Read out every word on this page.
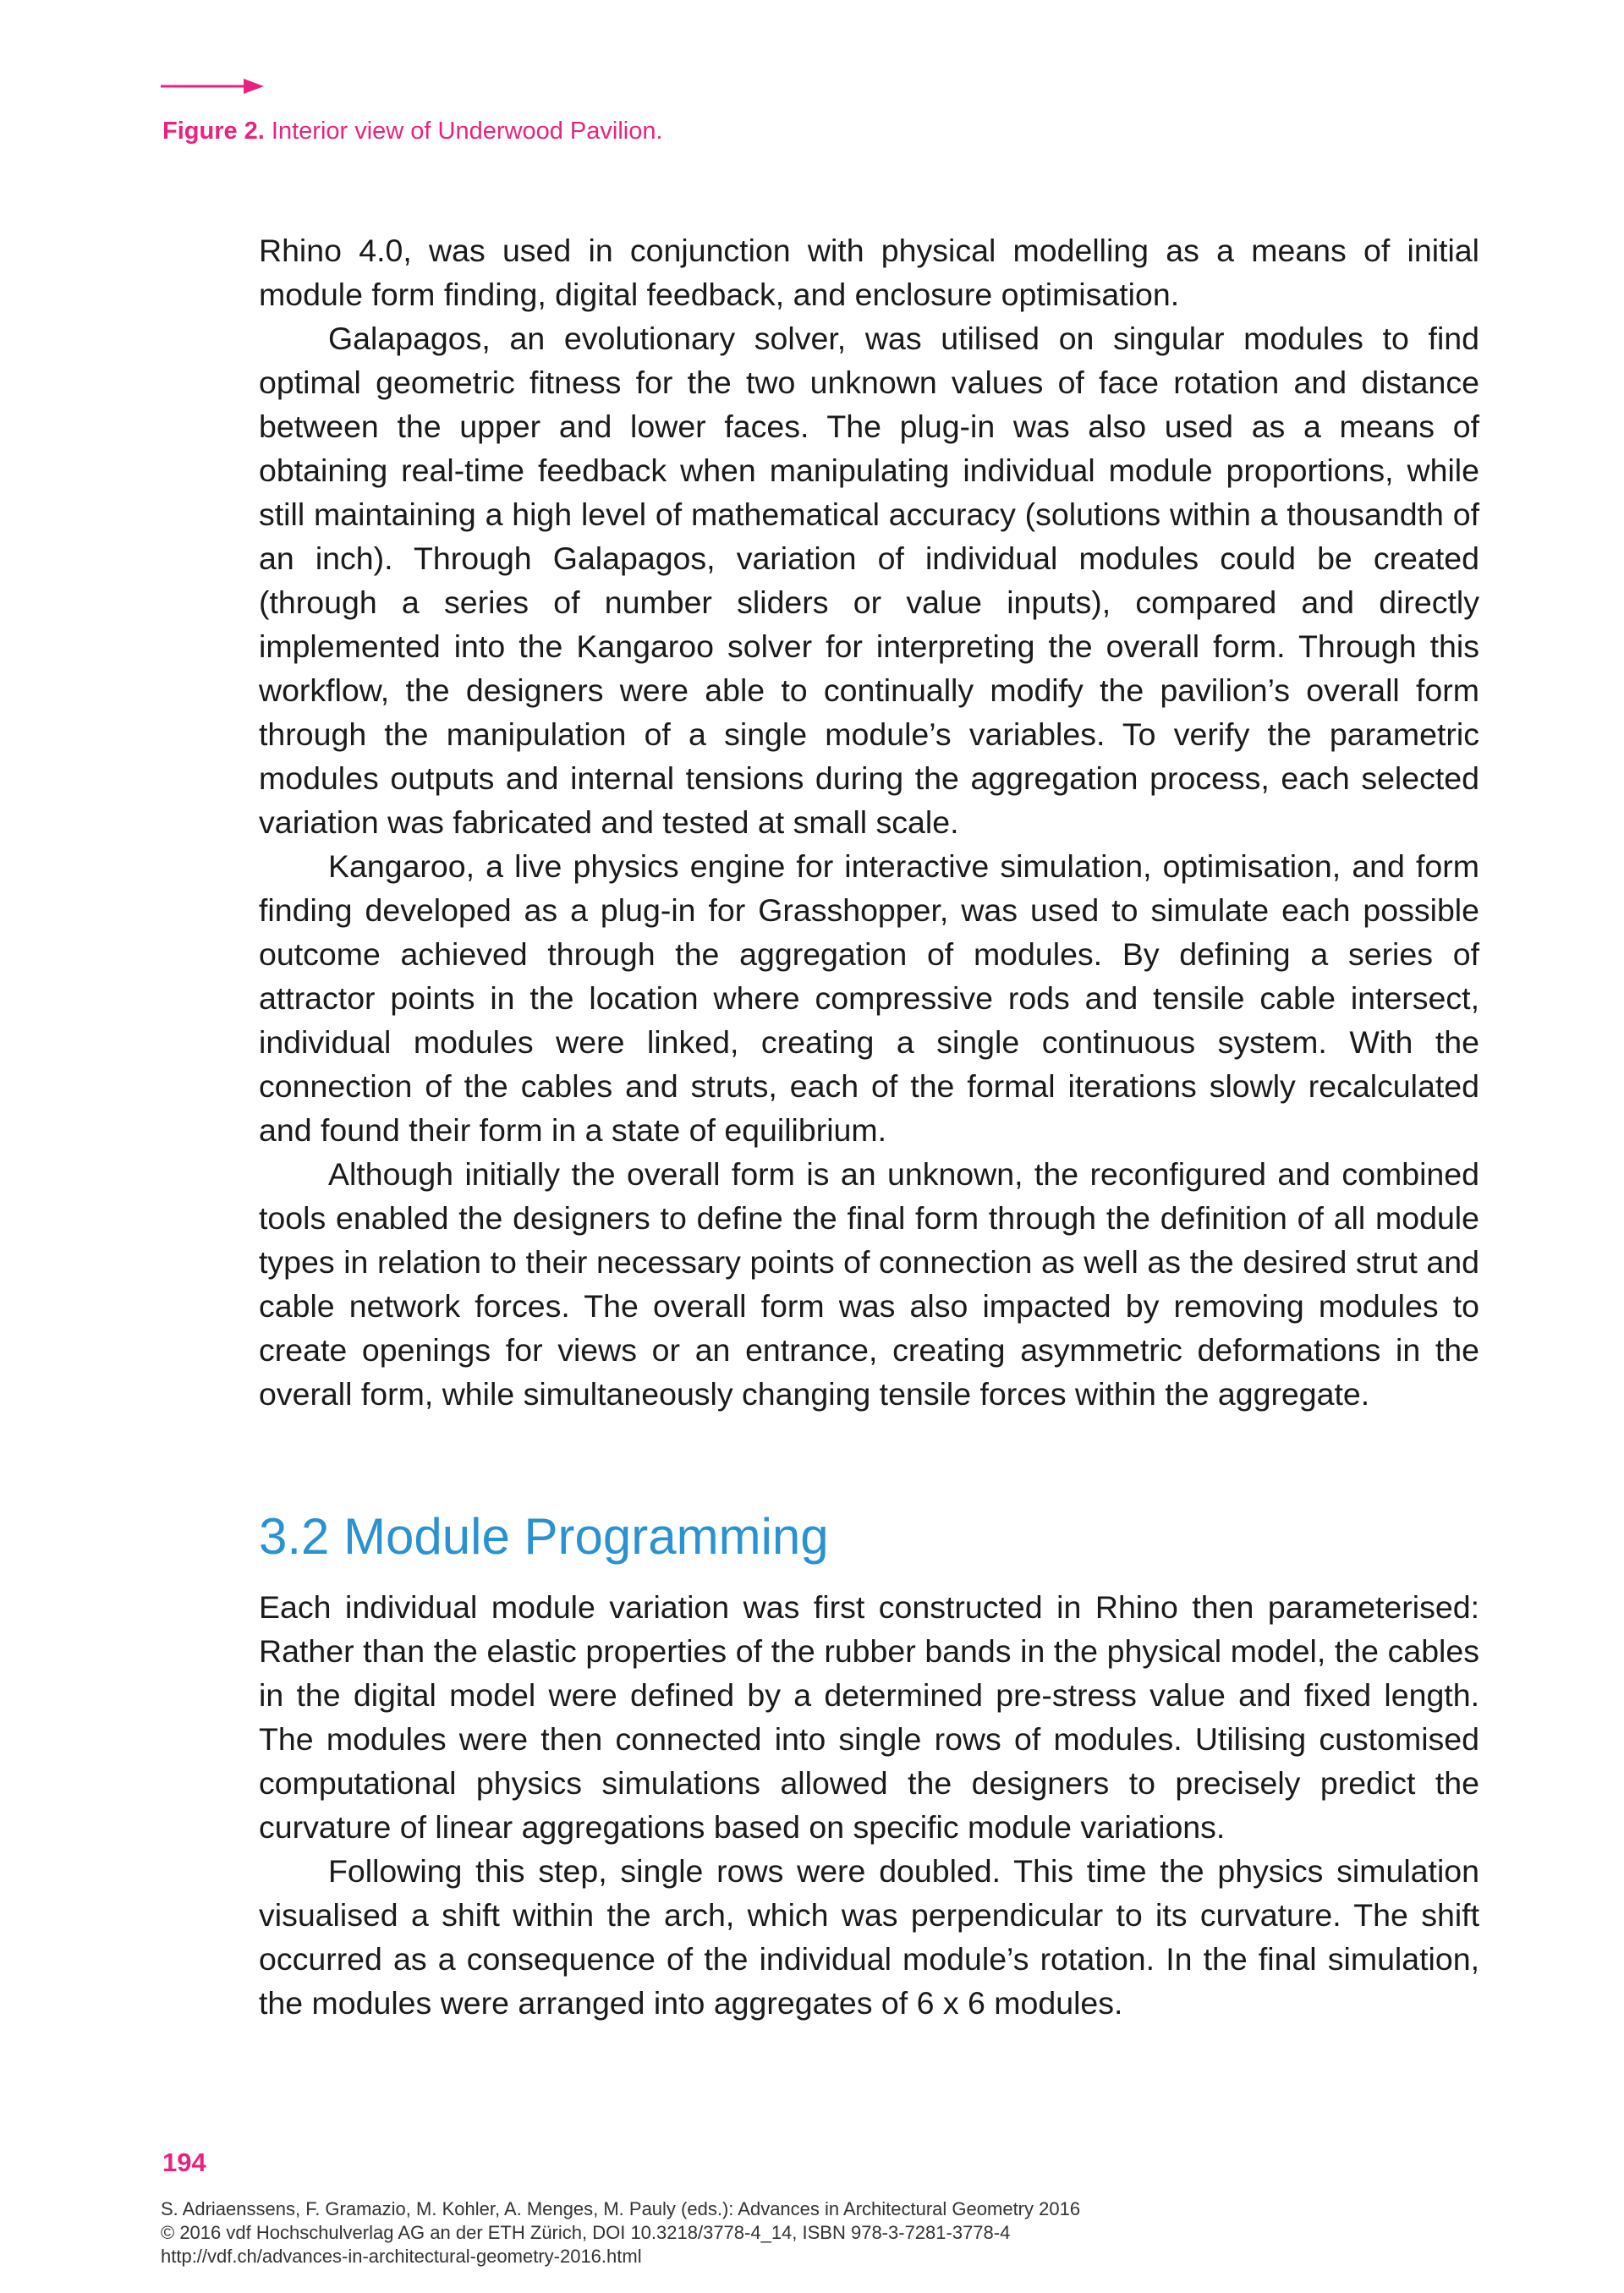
Figure 2. Interior view of Underwood Pavilion.

Rhino 4.0, was used in conjunction with physical modelling as a means of initial module form finding, digital feedback, and enclosure optimisation.

Galapagos, an evolutionary solver, was utilised on singular modules to find optimal geometric fitness for the two unknown values of face rotation and distance between the upper and lower faces. The plug-in was also used as a means of obtaining real-time feedback when manipulating individual module proportions, while still maintaining a high level of mathematical accuracy (solutions within a thousandth of an inch). Through Galapagos, variation of individual modules could be created (through a series of number sliders or value inputs), compared and directly implemented into the Kangaroo solver for interpreting the overall form. Through this workflow, the designers were able to continually modify the pavilion’s overall form through the manipulation of a single module’s variables. To verify the parametric modules outputs and internal tensions during the aggregation process, each selected variation was fabricated and tested at small scale.

Kangaroo, a live physics engine for interactive simulation, optimisation, and form finding developed as a plug-in for Grasshopper, was used to simulate each possible outcome achieved through the aggregation of modules. By defining a series of attractor points in the location where compressive rods and tensile cable intersect, individual modules were linked, creating a single continuous system. With the connection of the cables and struts, each of the formal iterations slowly recalculated and found their form in a state of equilibrium.

Although initially the overall form is an unknown, the reconfigured and combined tools enabled the designers to define the final form through the definition of all module types in relation to their necessary points of connection as well as the desired strut and cable network forces. The overall form was also impacted by removing modules to create openings for views or an entrance, creating asymmetric deformations in the overall form, while simultaneously changing tensile forces within the aggregate.

3.2 Module Programming

Each individual module variation was first constructed in Rhino then parameterised: Rather than the elastic properties of the rubber bands in the physical model, the cables in the digital model were defined by a determined pre-stress value and fixed length. The modules were then connected into single rows of modules. Utilising customised computational physics simulations allowed the designers to precisely predict the curvature of linear aggregations based on specific module variations.

Following this step, single rows were doubled. This time the physics simulation visualised a shift within the arch, which was perpendicular to its curvature. The shift occurred as a consequence of the individual module’s rotation. In the final simulation, the modules were arranged into aggregates of 6 x 6 modules.

194
S. Adriaenssens, F. Gramazio, M. Kohler, A. Menges, M. Pauly (eds.): Advances in Architectural Geometry 2016
© 2016 vdf Hochschulverlag AG an der ETH Zürich, DOI 10.3218/3778-4_14, ISBN 978-3-7281-3778-4
http://vdf.ch/advances-in-architectural-geometry-2016.html
